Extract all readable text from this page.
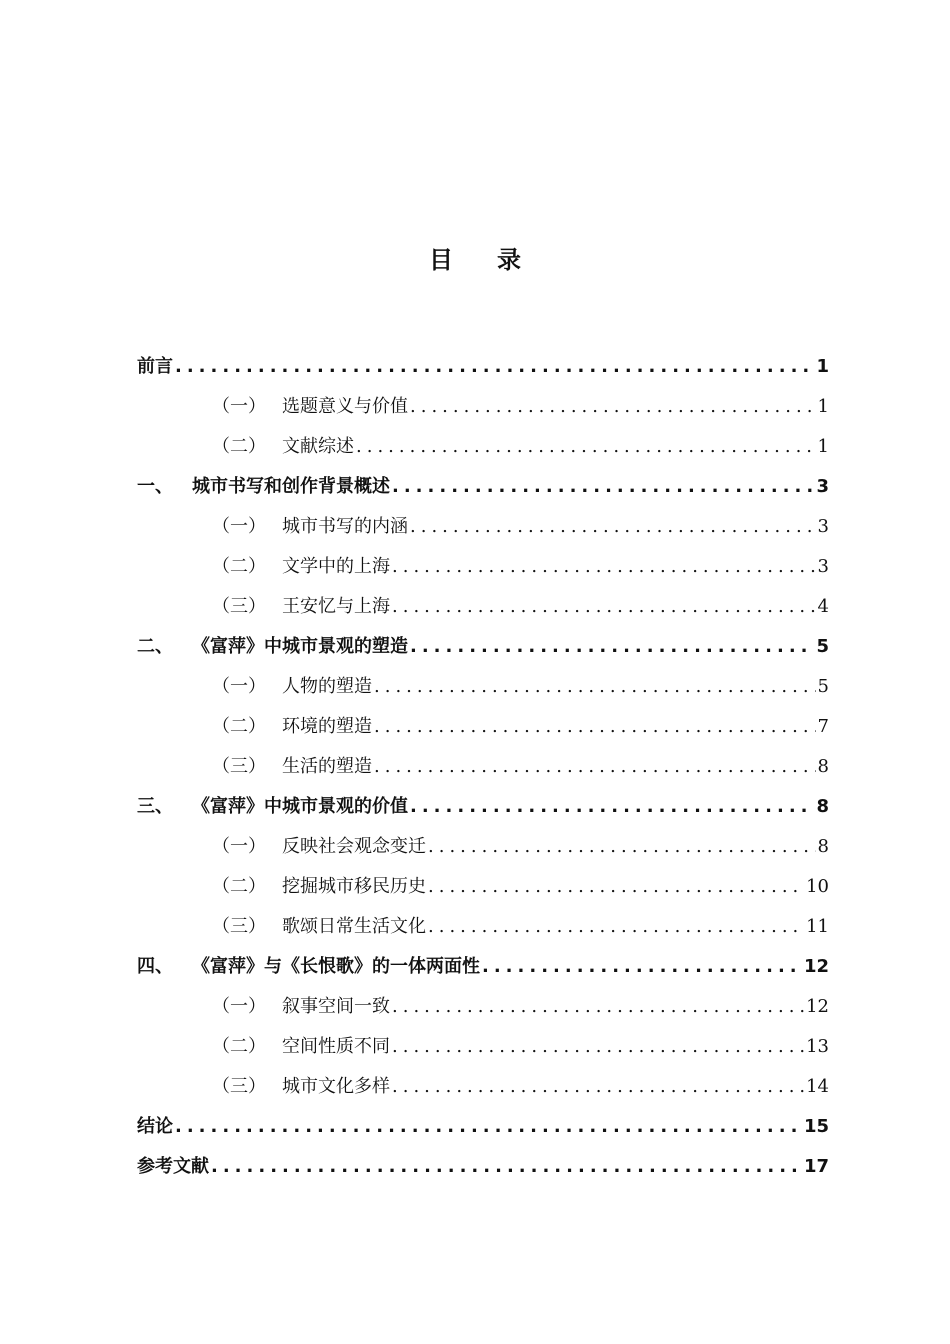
目录
前言 .....	1
（一） 选题意义与价值 .....	1
（二） 文献综述 .....	1
一、	城市书写和创作背景概述 .....	3
（一） 城市书写的内涵 .....	3
（二） 文学中的上海 .....	3
（三） 王安忆与上海 .....	4
二、	《富萍》中城市景观的塑造 .....	5
（一） 人物的塑造 .....	5
（二） 环境的塑造 .....	7
（三） 生活的塑造 .....	8
三、	《富萍》中城市景观的价值 .....	8
（一） 反映社会观念变迁 .....	8
（二） 挖掘城市移民历史 .....	10
（三） 歌颂日常生活文化 .....	11
四、	《富萍》与《长恨歌》的一体两面性 .....	12
（一） 叙事空间一致 .....	12
（二） 空间性质不同 .....	13
（三） 城市文化多样 .....	14
结论 .....	15
参考文献 .....	17
